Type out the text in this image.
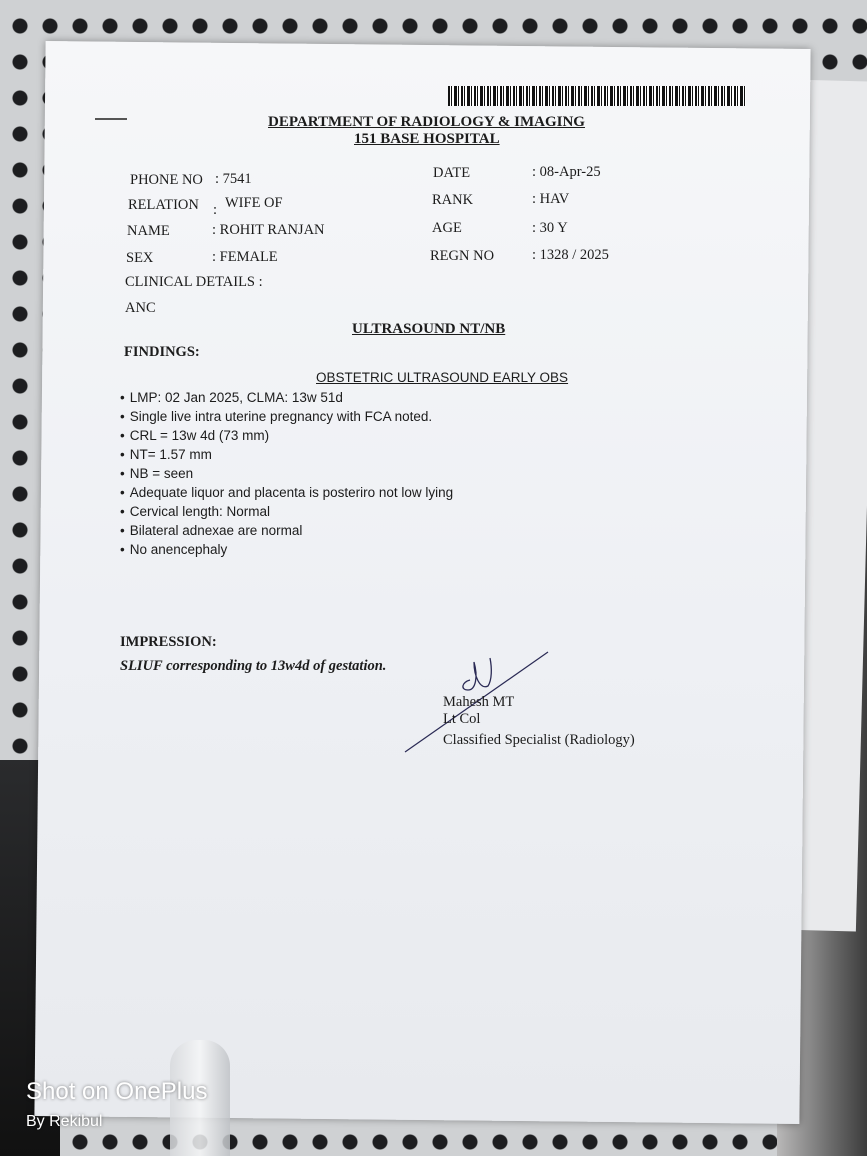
DEPARTMENT OF RADIOLOGY & IMAGING
151 BASE HOSPITAL
PHONE NO : 7541
RELATION : WIFE OF
NAME	: ROHIT RANJAN
SEX	: FEMALE
CLINICAL DETAILS :
ANC
DATE	: 08-Apr-25
RANK	: HAV
AGE	: 30 Y
REGN NO	: 1328 / 2025
ULTRASOUND NT/NB
FINDINGS:
OBSTETRIC ULTRASOUND EARLY OBS
• LMP: 02 Jan 2025, CLMA: 13w 51d
• Single live intra uterine pregnancy with FCA noted.
• CRL = 13w 4d (73 mm)
• NT= 1.57 mm
• NB = seen
• Adequate liquor and placenta is posteriro not low lying
• Cervical length: Normal
• Bilateral adnexae are normal
• No anencephaly
IMPRESSION:
SLIUF corresponding to 13w4d of gestation.
Mahesh MT
Lt Col
Classified Specialist (Radiology)
Shot on OnePlus
By Rekibul
